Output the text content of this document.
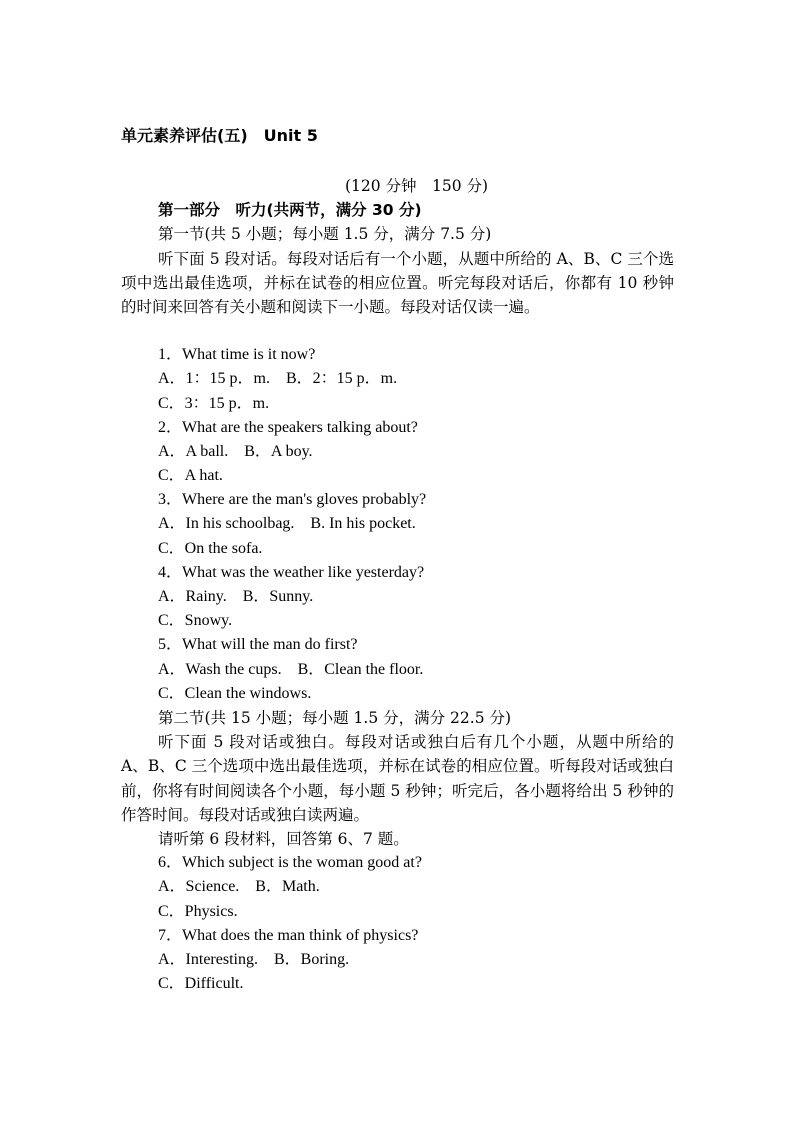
单元素养评估(五)　Unit 5
(120 分钟　150 分)
第一部分　听力(共两节，满分 30 分)
第一节(共 5 小题；每小题 1.5 分，满分 7.5 分)

听下面 5 段对话。每段对话后有一个小题，从题中所给的 A、B、C 三个选项中选出最佳选项，并标在试卷的相应位置。听完每段对话后，你都有 10 秒钟的时间来回答有关小题和阅读下一小题。每段对话仅读一遍。

1．What time is it now?
A．1：15 p．m.　B．2：15 p．m.
C．3：15 p．m.
2．What are the speakers talking about?
A．A ball.　B．A boy.
C．A hat.
3．Where are the man's gloves probably?
A．In his schoolbag.　B. In his pocket.
C．On the sofa.
4．What was the weather like yesterday?
A．Rainy.　B．Sunny.
C．Snowy.
5．What will the man do first?
A．Wash the cups.　B．Clean the floor.
C．Clean the windows.
第二节(共 15 小题；每小题 1.5 分，满分 22.5 分)

听下面 5 段对话或独白。每段对话或独白后有几个小题，从题中所给的 A、B、C 三个选项中选出最佳选项，并标在试卷的相应位置。听每段对话或独白前，你将有时间阅读各个小题，每小题 5 秒钟；听完后，各小题将给出 5 秒钟的作答时间。每段对话或独白读两遍。

请听第 6 段材料，回答第 6、7 题。
6．Which subject is the woman good at?
A．Science.　B．Math.
C．Physics.
7．What does the man think of physics?
A．Interesting.　B．Boring.
C．Difficult.
